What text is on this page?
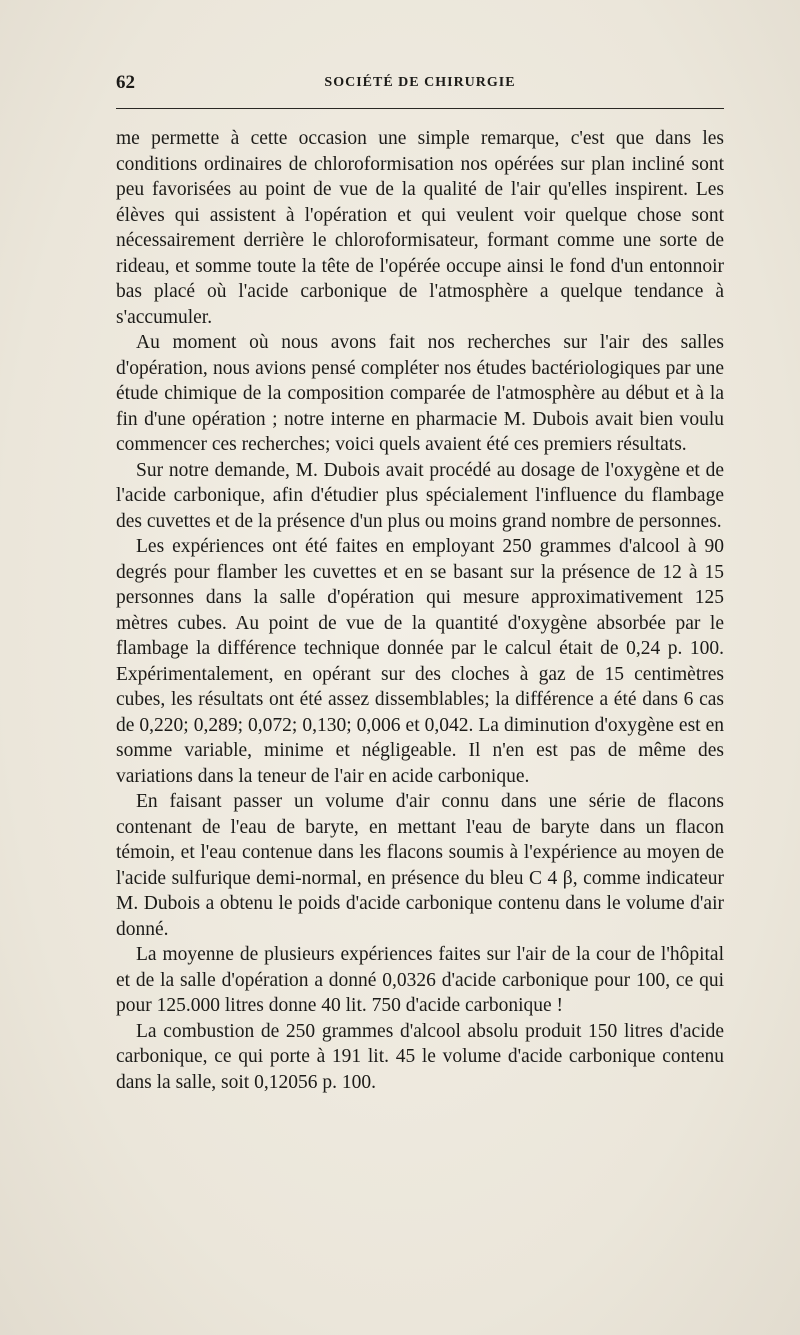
62	SOCIÉTÉ DE CHIRURGIE

me permette à cette occasion une simple remarque, c'est que dans les conditions ordinaires de chloroformisation nos opérées sur plan incliné sont peu favorisées au point de vue de la qualité de l'air qu'elles inspirent. Les élèves qui assistent à l'opération et qui veulent voir quelque chose sont nécessairement derrière le chloroformisateur, formant comme une sorte de rideau, et somme toute la tête de l'opérée occupe ainsi le fond d'un entonnoir bas placé où l'acide carbonique de l'atmosphère a quelque tendance à s'accumuler.

Au moment où nous avons fait nos recherches sur l'air des salles d'opération, nous avions pensé compléter nos études bactériologiques par une étude chimique de la composition comparée de l'atmosphère au début et à la fin d'une opération ; notre interne en pharmacie M. Dubois avait bien voulu commencer ces recherches; voici quels avaient été ces premiers résultats.

Sur notre demande, M. Dubois avait procédé au dosage de l'oxygène et de l'acide carbonique, afin d'étudier plus spécialement l'influence du flambage des cuvettes et de la présence d'un plus ou moins grand nombre de personnes.

Les expériences ont été faites en employant 250 grammes d'alcool à 90 degrés pour flamber les cuvettes et en se basant sur la présence de 12 à 15 personnes dans la salle d'opération qui mesure approximativement 125 mètres cubes. Au point de vue de la quantité d'oxygène absorbée par le flambage la différence technique donnée par le calcul était de 0,24 p. 100. Expérimentalement, en opérant sur des cloches à gaz de 15 centimètres cubes, les résultats ont été assez dissemblables; la différence a été dans 6 cas de 0,220; 0,289; 0,072; 0,130; 0,006 et 0,042. La diminution d'oxygène est en somme variable, minime et négligeable. Il n'en est pas de même des variations dans la teneur de l'air en acide carbonique.

En faisant passer un volume d'air connu dans une série de flacons contenant de l'eau de baryte, en mettant l'eau de baryte dans un flacon témoin, et l'eau contenue dans les flacons soumis à l'expérience au moyen de l'acide sulfurique demi-normal, en présence du bleu C 4 β, comme indicateur M. Dubois a obtenu le poids d'acide carbonique contenu dans le volume d'air donné.

La moyenne de plusieurs expériences faites sur l'air de la cour de l'hôpital et de la salle d'opération a donné 0,0326 d'acide carbonique pour 100, ce qui pour 125.000 litres donne 40 lit. 750 d'acide carbonique !

La combustion de 250 grammes d'alcool absolu produit 150 litres d'acide carbonique, ce qui porte à 191 lit. 45 le volume d'acide carbonique contenu dans la salle, soit 0,12056 p. 100.
